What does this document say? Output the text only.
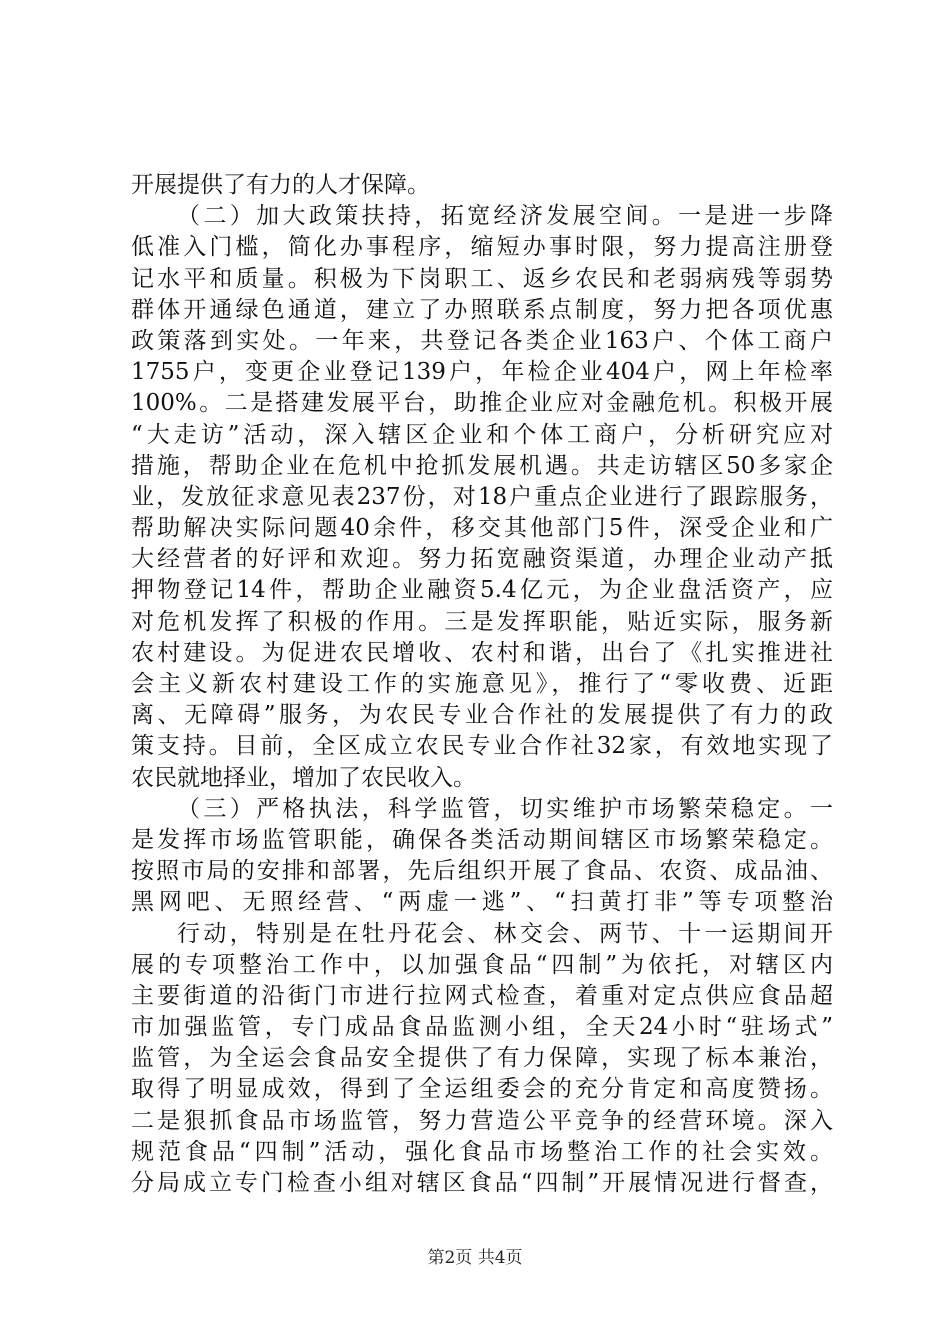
开展提供了有力的人才保障。
（二）加大政策扶持，拓宽经济发展空间。一是进一步降
低准入门槛，简化办事程序，缩短办事时限，努力提高注册登
记水平和质量。积极为下岗职工、返乡农民和老弱病残等弱势
群体开通绿色通道，建立了办照联系点制度，努力把各项优惠
政策落到实处。一年来，共登记各类企业163户、个体工商户
1755户，变更企业登记139户，年检企业404户，网上年检率
100%。二是搭建发展平台，助推企业应对金融危机。积极开展
“大走访”活动，深入辖区企业和个体工商户，分析研究应对
措施，帮助企业在危机中抢抓发展机遇。共走访辖区50多家企
业，发放征求意见表237份，对18户重点企业进行了跟踪服务，
帮助解决实际问题40余件，移交其他部门5件，深受企业和广
大经营者的好评和欢迎。努力拓宽融资渠道，办理企业动产抵
押物登记14件，帮助企业融资5.4亿元，为企业盘活资产，应
对危机发挥了积极的作用。三是发挥职能，贴近实际，服务新
农村建设。为促进农民增收、农村和谐，出台了《扎实推进社
会主义新农村建设工作的实施意见》，推行了“零收费、近距
离、无障碍”服务，为农民专业合作社的发展提供了有力的政
策支持。目前，全区成立农民专业合作社32家，有效地实现了
农民就地择业，增加了农民收入。
（三）严格执法，科学监管，切实维护市场繁荣稳定。一
是发挥市场监管职能，确保各类活动期间辖区市场繁荣稳定。
按照市局的安排和部署，先后组织开展了食品、农资、成品油、
黑网吧、无照经营、“两虚一逃”、“扫黄打非”等专项整治
行动，特别是在牡丹花会、林交会、两节、十一运期间开
展的专项整治工作中，以加强食品“四制”为依托，对辖区内
主要街道的沿街门市进行拉网式检查，着重对定点供应食品超
市加强监管，专门成品食品监测小组，全天24小时“驻场式”
监管，为全运会食品安全提供了有力保障，实现了标本兼治，
取得了明显成效，得到了全运组委会的充分肯定和高度赞扬。
二是狠抓食品市场监管，努力营造公平竞争的经营环境。深入
规范食品“四制”活动，强化食品市场整治工作的社会实效。
分局成立专门检查小组对辖区食品“四制”开展情况进行督查，
第2页 共4页
